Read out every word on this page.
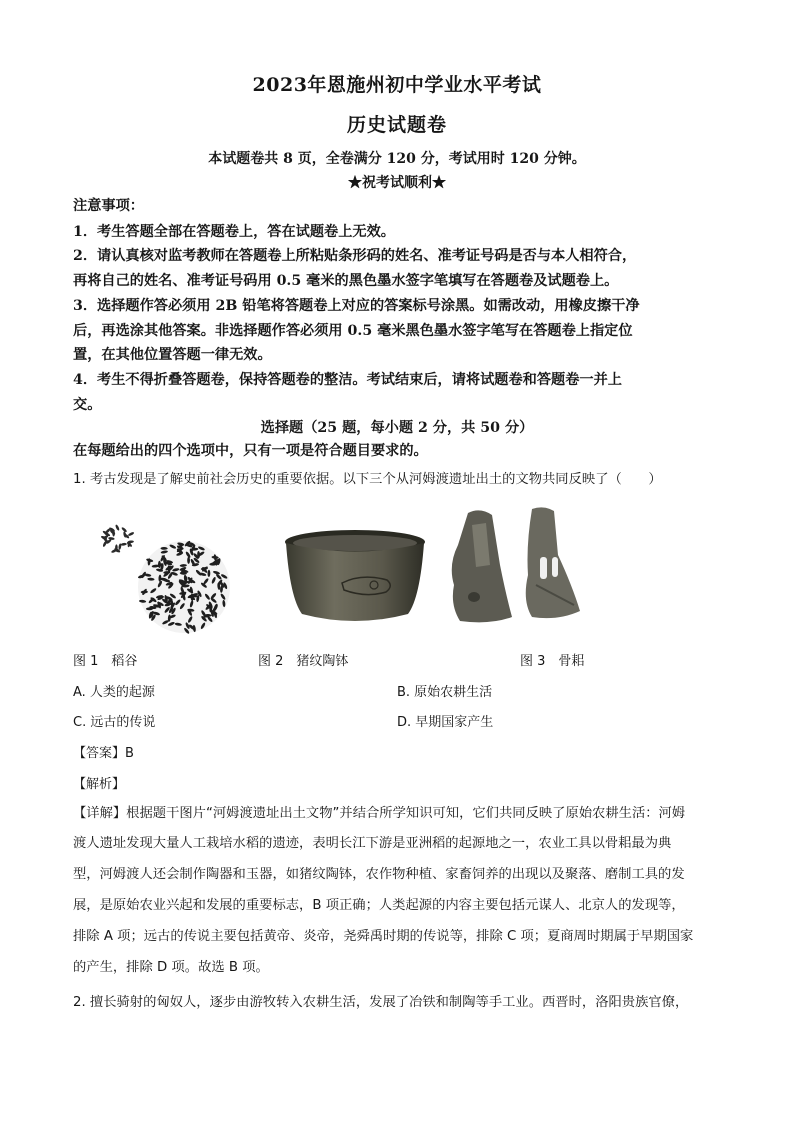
2023年恩施州初中学业水平考试
历史试题卷
本试题卷共 8 页，全卷满分 120 分，考试用时 120 分钟。
★祝考试顺利★
注意事项：
1．考生答题全部在答题卷上，答在试题卷上无效。
2．请认真核对监考教师在答题卷上所粘贴条形码的姓名、准考证号码是否与本人相符合，
再将自己的姓名、准考证号码用 0.5 毫米的黑色墨水签字笔填写在答题卷及试题卷上。
3．选择题作答必须用 2B 铅笔将答题卷上对应的答案标号涂黑。如需改动，用橡皮擦干净
后，再选涂其他答案。非选择题作答必须用 0.5 毫米黑色墨水签字笔写在答题卷上指定位
置，在其他位置答题一律无效。
4．考生不得折叠答题卷，保持答题卷的整洁。考试结束后，请将试题卷和答题卷一并上
交。
选择题（25 题，每小题 2 分，共 50 分）
在每题给出的四个选项中，只有一项是符合题目要求的。
1. 考古发现是了解史前社会历史的重要依据。以下三个从河姆渡遗址出土的文物共同反映了（　　）
图 1　稻谷	图 2　猪纹陶钵	图 3　骨耜
A. 人类的起源	B. 原始农耕生活
C. 远古的传说	D. 早期国家产生
【答案】B
【解析】
【详解】根据题干图片“河姆渡遗址出土文物”并结合所学知识可知，它们共同反映了原始农耕生活：河姆
渡人遗址发现大量人工栽培水稻的遗迹，表明长江下游是亚洲稻的起源地之一，农业工具以骨耜最为典
型，河姆渡人还会制作陶器和玉器，如猪纹陶钵，农作物种植、家畜饲养的出现以及聚落、磨制工具的发
展，是原始农业兴起和发展的重要标志，B 项正确；人类起源的内容主要包括元谋人、北京人的发现等，
排除 A 项；远古的传说主要包括黄帝、炎帝，尧舜禹时期的传说等，排除 C 项；夏商周时期属于早期国家
的产生，排除 D 项。故选 B 项。
2. 擅长骑射的匈奴人，逐步由游牧转入农耕生活，发展了冶铁和制陶等手工业。西晋时，洛阳贵族官僚，
